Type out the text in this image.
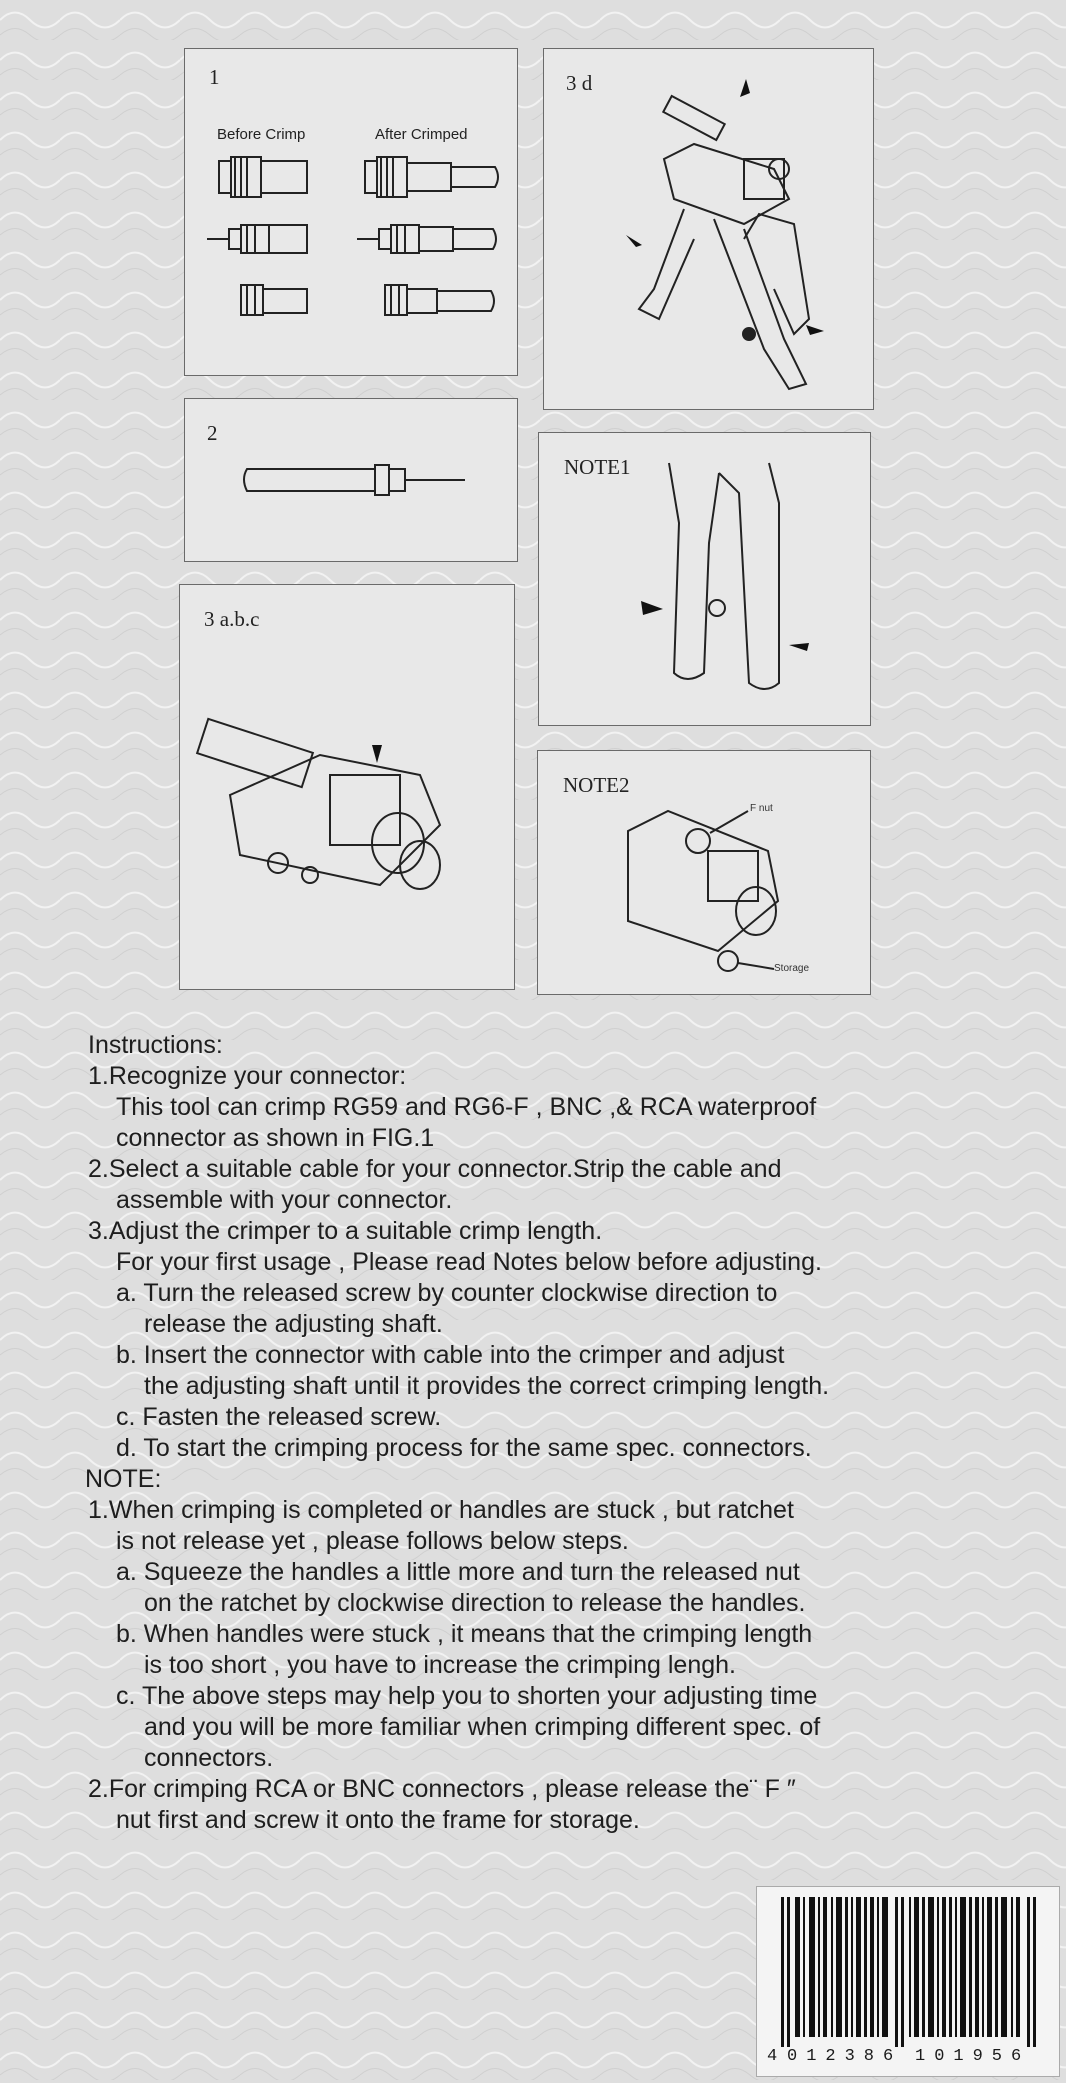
1
Before Crimp	After Crimped
3 d
2
NOTE1
3 a.b.c
NOTE2
F nut
Storage

Instructions:

1.Recognize your connector:

This tool can crimp RG59 and RG6-F , BNC ,& RCA waterproof

connector as shown in FIG.1

2.Select a suitable cable for your connector.Strip the cable and

assemble with your connector.

3.Adjust the crimper to a suitable crimp length.

For your first usage , Please read Notes below before adjusting.

a. Turn the released screw by counter clockwise direction to

release the adjusting shaft.

b. Insert the connector with cable into the crimper and adjust

the adjusting shaft until it provides the correct crimping length.

c. Fasten the released screw.

d. To start the crimping process for the same spec. connectors.

NOTE:

1.When crimping is completed or handles are stuck , but ratchet

is not release yet , please follows below steps.

a. Squeeze the handles a little more and turn the released nut

on the ratchet by clockwise direction to release the handles.

b. When handles were stuck , it means that the crimping length

is too short , you have to increase the crimping lengh.

c. The above steps may help you to shorten your adjusting time

and you will be more familiar when crimping different spec. of

connectors.

2.For crimping RCA or BNC connectors , please release the¨ F ″

nut first and screw it onto the frame for storage.

4 012386 101956
